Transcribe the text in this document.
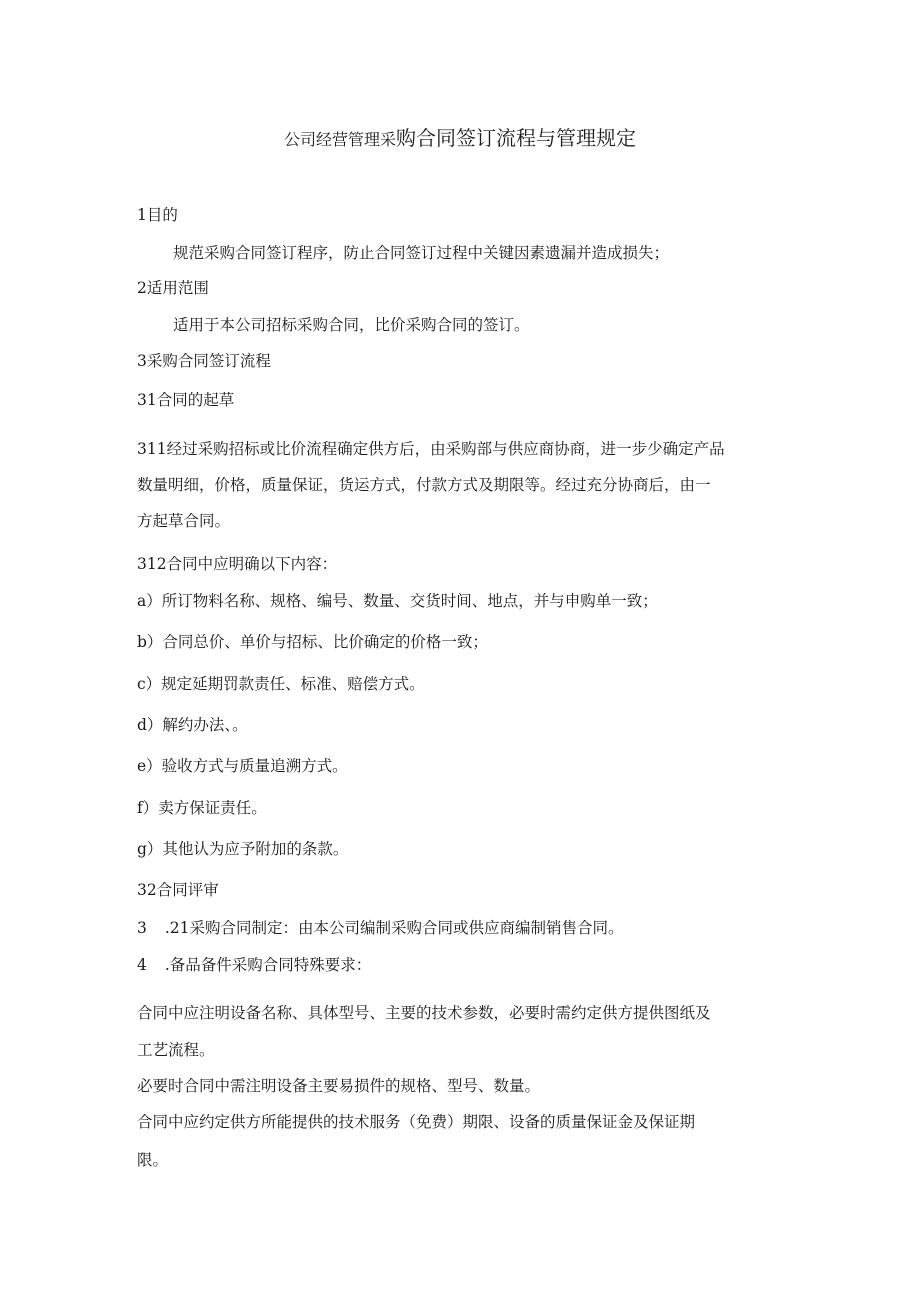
公司经营管理采购合同签订流程与管理规定
1目的
规范采购合同签订程序，防止合同签订过程中关键因素遗漏并造成损失；
2适用范围
适用于本公司招标采购合同，比价采购合同的签订。
3采购合同签订流程
31合同的起草
311经过采购招标或比价流程确定供方后，由采购部与供应商协商，进一步少确定产品
数量明细，价格，质量保证，货运方式，付款方式及期限等。经过充分协商后，由一
方起草合同。
312合同中应明确以下内容：
a）所订物料名称、规格、编号、数量、交货时间、地点，并与申购单一致；
b）合同总价、单价与招标、比价确定的价格一致；
c）规定延期罚款责任、标准、赔偿方式。
d）解约办法、。
e）验收方式与质量追溯方式。
f）卖方保证责任。
g）其他认为应予附加的条款。
32合同评审
3 .21采购合同制定：由本公司编制采购合同或供应商编制销售合同。
4 .备品备件采购合同特殊要求：
合同中应注明设备名称、具体型号、主要的技术参数，必要时需约定供方提供图纸及
工艺流程。
必要时合同中需注明设备主要易损件的规格、型号、数量。
合同中应约定供方所能提供的技术服务（免费）期限、设备的质量保证金及保证期
限。
